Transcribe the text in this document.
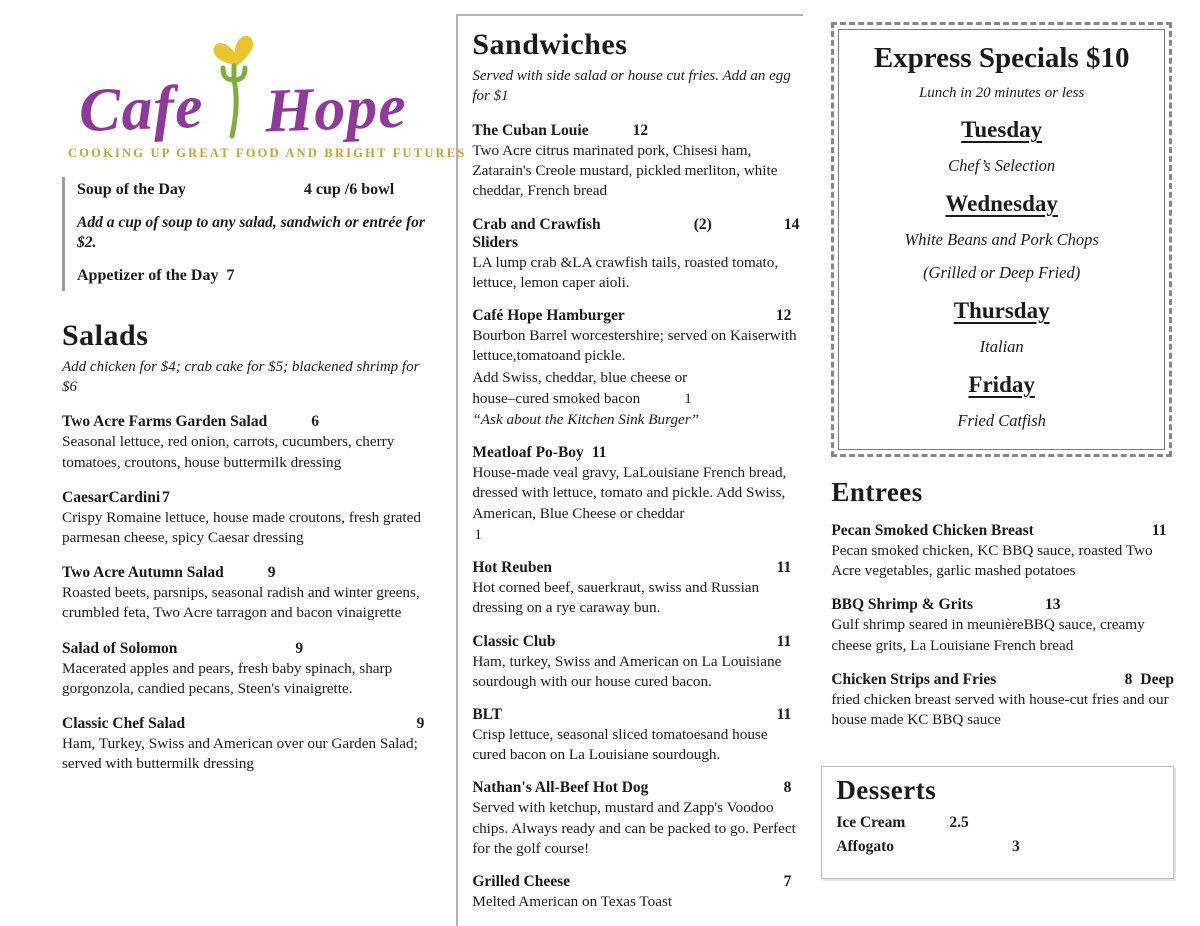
Cafe Hope
COOKING UP GREAT FOOD AND BRIGHT FUTURES
Soup of the Day	4 cup /6 bowl
Add a cup of soup to any salad, sandwich or entrée for $2.
Appetizer of the Day 7
Salads
Add chicken for $4; crab cake for $5; blackened shrimp for $6
Two Acre Farms Garden Salad	6
Seasonal lettuce, red onion, carrots, cucumbers, cherry tomatoes, croutons, house buttermilk dressing
CaesarCardini 7
Crispy Romaine lettuce, house made croutons, fresh grated parmesan cheese, spicy Caesar dressing
Two Acre Autumn Salad	9
Roasted beets, parsnips, seasonal radish and winter greens, crumbled feta, Two Acre tarragon and bacon vinaigrette
Salad of Solomon	9
Macerated apples and pears, fresh baby spinach, sharp gorgonzola, candied pecans, Steen's vinaigrette.
Classic Chef Salad	9
Ham, Turkey, Swiss and American over our Garden Salad; served with buttermilk dressing
Sandwiches
Served with side salad or house cut fries. Add an egg for $1
The Cuban Louie	12
Two Acre citrus marinated pork, Chisesi ham, Zatarain's Creole mustard, pickled merliton, white cheddar, French bread
Crab and Crawfish Sliders
(2)	14
LA lump crab &LA crawfish tails, roasted tomato, lettuce, lemon caper aioli.
Café Hope Hamburger	12
Bourbon Barrel worcestershire; served on Kaiserwith lettuce,tomatoand pickle.
Add Swiss, cheddar, blue cheese or
house–cured smoked bacon	1
“Ask about the Kitchen Sink Burger”
Meatloaf Po-Boy 11
House-made veal gravy, LaLouisiane French bread, dressed with lettuce, tomato and pickle. Add Swiss, American, Blue Cheese or cheddar
1
Hot Reuben	11
Hot corned beef, sauerkraut, swiss and Russian dressing on a rye caraway bun.
Classic Club	11
Ham, turkey, Swiss and American on La Louisiane sourdough with our house cured bacon.
BLT	11
Crisp lettuce, seasonal sliced tomatoesand house cured bacon on La Louisiane sourdough.
Nathan's All-Beef Hot Dog	8
Served with ketchup, mustard and Zapp's Voodoo chips. Always ready and can be packed to go. Perfect for the golf course!
Grilled Cheese	7
Melted American on Texas Toast
Express Specials $10
Lunch in 20 minutes or less
Tuesday
Chef’s Selection
Wednesday
White Beans and Pork Chops
(Grilled or Deep Fried)
Thursday
Italian
Friday
Fried Catfish
Entrees
Pecan Smoked Chicken Breast	11
Pecan smoked chicken, KC BBQ sauce, roasted Two Acre vegetables, garlic mashed potatoes
BBQ Shrimp & Grits	13
Gulf shrimp seared in meunièreBBQ sauce, creamy cheese grits, La Louisiane French bread
Chicken Strips and Fries	8 Deep
fried chicken breast served with house-cut fries and our house made KC BBQ sauce
Desserts
Ice Cream	2.5
Affogato	3
